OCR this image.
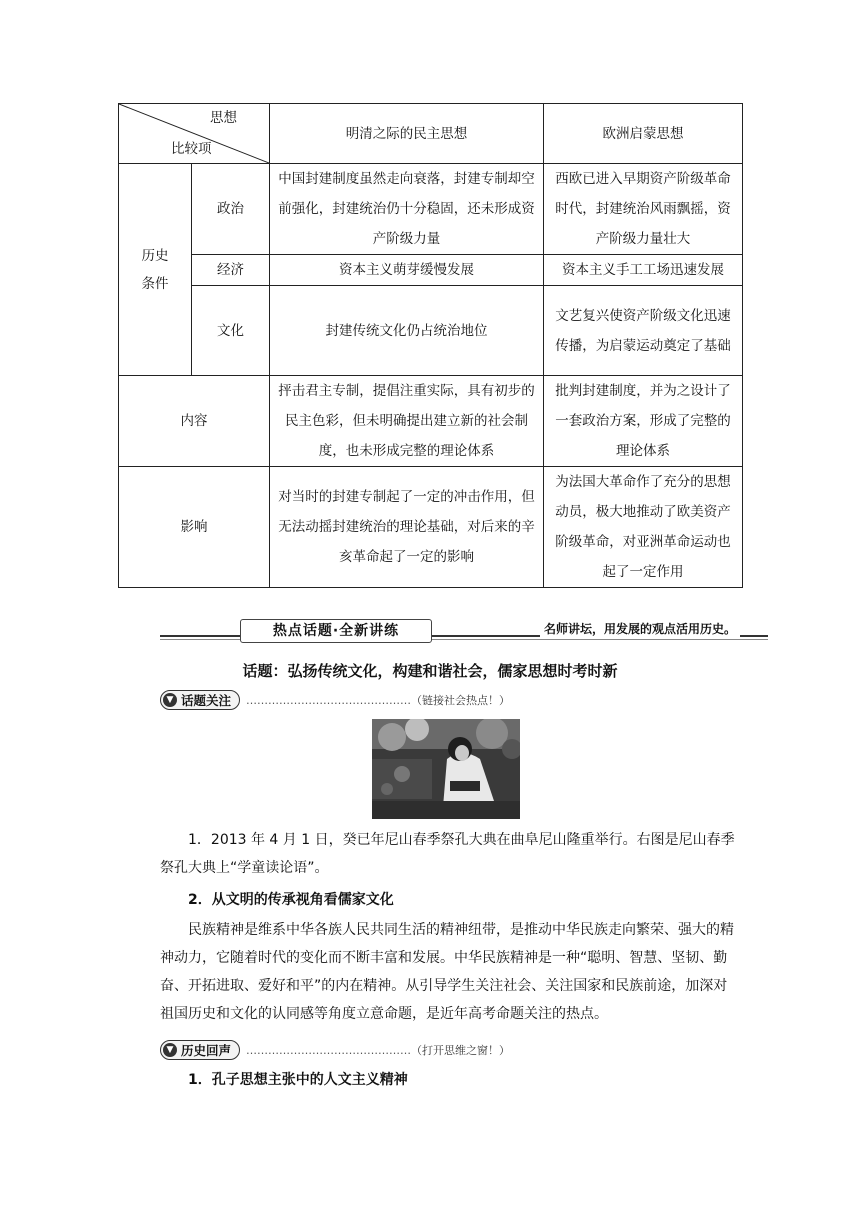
思想
比较项		明清之际的民主思想	欧洲启蒙思想

历史
条件	政治	中国封建制度虽然走向衰落，封建专制却空前强化，封建统治仍十分稳固，还未形成资产阶级力量	西欧已进入早期资产阶级革命时代，封建统治风雨飘摇，资产阶级力量壮大
	经济	资本主义萌芽缓慢发展	资本主义手工工场迅速发展
	文化	封建传统文化仍占统治地位	文艺复兴使资产阶级文化迅速传播，为启蒙运动奠定了基础
内容		抨击君主专制，提倡注重实际，具有初步的民主色彩，但未明确提出建立新的社会制度，也未形成完整的理论体系	批判封建制度，并为之设计了一套政治方案，形成了完整的理论体系
影响		对当时的封建专制起了一定的冲击作用，但无法动摇封建统治的理论基础，对后来的辛亥革命起了一定的影响	为法国大革命作了充分的思想动员，极大地推动了欧美资产阶级革命，对亚洲革命运动也起了一定作用
热点话题·全新讲练	名师讲坛，用发展的观点活用历史。
话题：弘扬传统文化，构建和谐社会，儒家思想时考时新
▼ 话题关注 ……………………………………… （链接社会热点！）
1．2013 年 4 月 1 日，癸已年尼山春季祭孔大典在曲阜尼山隆重举行。右图是尼山春季祭孔大典上“学童读论语”。
2．从文明的传承视角看儒家文化
民族精神是维系中华各族人民共同生活的精神纽带，是推动中华民族走向繁荣、强大的精神动力，它随着时代的变化而不断丰富和发展。中华民族精神是一种“聪明、智慧、坚韧、勤奋、开拓进取、爱好和平”的内在精神。从引导学生关注社会、关注国家和民族前途，加深对祖国历史和文化的认同感等角度立意命题，是近年高考命题关注的热点。
▼ 历史回声 ……………………………………… （打开思维之窗！）
1．孔子思想主张中的人文主义精神
